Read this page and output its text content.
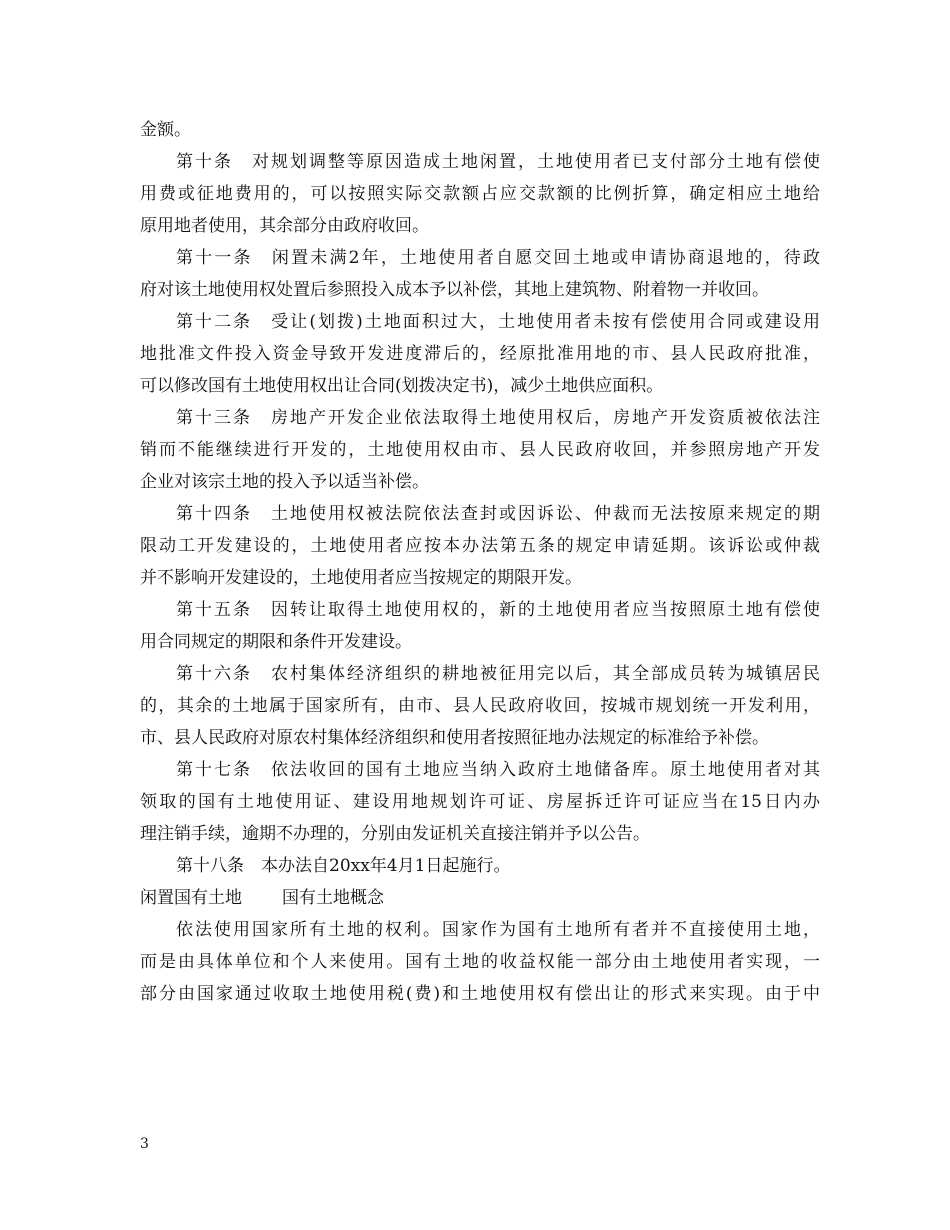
金额。
第十条　对规划调整等原因造成土地闲置，土地使用者已支付部分土地有偿使
用费或征地费用的，可以按照实际交款额占应交款额的比例折算，确定相应土地给
原用地者使用，其余部分由政府收回。
第十一条　闲置未满2年，土地使用者自愿交回土地或申请协商退地的，待政
府对该土地使用权处置后参照投入成本予以补偿，其地上建筑物、附着物一并收回。
第十二条　受让(划拨)土地面积过大，土地使用者未按有偿使用合同或建设用
地批准文件投入资金导致开发进度滞后的，经原批准用地的市、县人民政府批准，
可以修改国有土地使用权出让合同(划拨决定书)，减少土地供应面积。
第十三条　房地产开发企业依法取得土地使用权后，房地产开发资质被依法注
销而不能继续进行开发的，土地使用权由市、县人民政府收回，并参照房地产开发
企业对该宗土地的投入予以适当补偿。
第十四条　土地使用权被法院依法查封或因诉讼、仲裁而无法按原来规定的期
限动工开发建设的，土地使用者应按本办法第五条的规定申请延期。该诉讼或仲裁
并不影响开发建设的，土地使用者应当按规定的期限开发。
第十五条　因转让取得土地使用权的，新的土地使用者应当按照原土地有偿使
用合同规定的期限和条件开发建设。
第十六条　农村集体经济组织的耕地被征用完以后，其全部成员转为城镇居民
的，其余的土地属于国家所有，由市、县人民政府收回，按城市规划统一开发利用，
市、县人民政府对原农村集体经济组织和使用者按照征地办法规定的标准给予补偿。
第十七条　依法收回的国有土地应当纳入政府土地储备库。原土地使用者对其
领取的国有土地使用证、建设用地规划许可证、房屋拆迁许可证应当在15日内办
理注销手续，逾期不办理的，分别由发证机关直接注销并予以公告。
第十八条　本办法自20xx年4月1日起施行。
闲置国有土地 国有土地概念
依法使用国家所有土地的权利。国家作为国有土地所有者并不直接使用土地，
而是由具体单位和个人来使用。国有土地的收益权能一部分由土地使用者实现，一
部分由国家通过收取土地使用税(费)和土地使用权有偿出让的形式来实现。由于中
3
